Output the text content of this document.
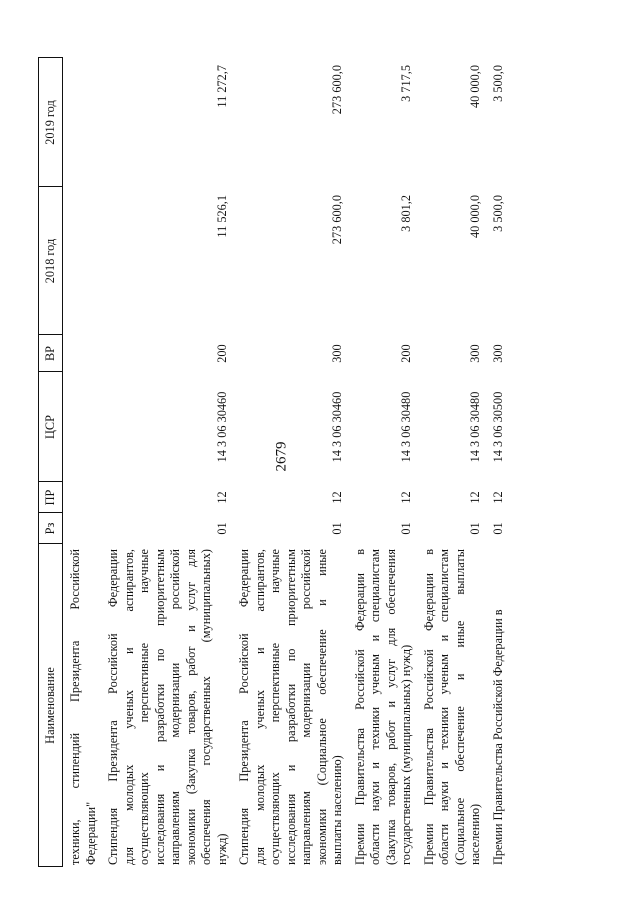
2679
Наименование
Рз
ПР
ЦСР
ВР
2018 год
2019 год
техники, стипендий Президента Российской Федерации" Стипендия Президента Российской Федерации для молодых ученых и аспирантов, осуществляющих перспективные научные исследования и разработки по приоритетным направлениям модернизации российской экономики (Закупка товаров, работ и услуг для обеспечения государственных (муниципальных) нужд)
01
12
14 3 06 30460
200
11 526,1
11 272,7
Стипендия Президента Российской Федерации для молодых ученых и аспирантов, осуществляющих перспективные научные исследования и разработки по приоритетным направлениям модернизации российской экономики (Социальное обеспечение и иные выплаты населению)
01
12
14 3 06 30460
300
273 600,0
273 600,0
Премии Правительства Российской Федерации в области науки и техники ученым и специалистам (Закупка товаров, работ и услуг для обеспечения государственных (муниципальных) нужд)
01
12
14 3 06 30480
200
3 801,2
3 717,5
Премии Правительства Российской Федерации в области науки и техники ученым и специалистам (Социальное обеспечение и иные выплаты населению)
01
12
14 3 06 30480
300
40 000,0
40 000,0
Премии Правительства Российской Федерации в
01
12
14 3 06 30500
300
3 500,0
3 500,0
